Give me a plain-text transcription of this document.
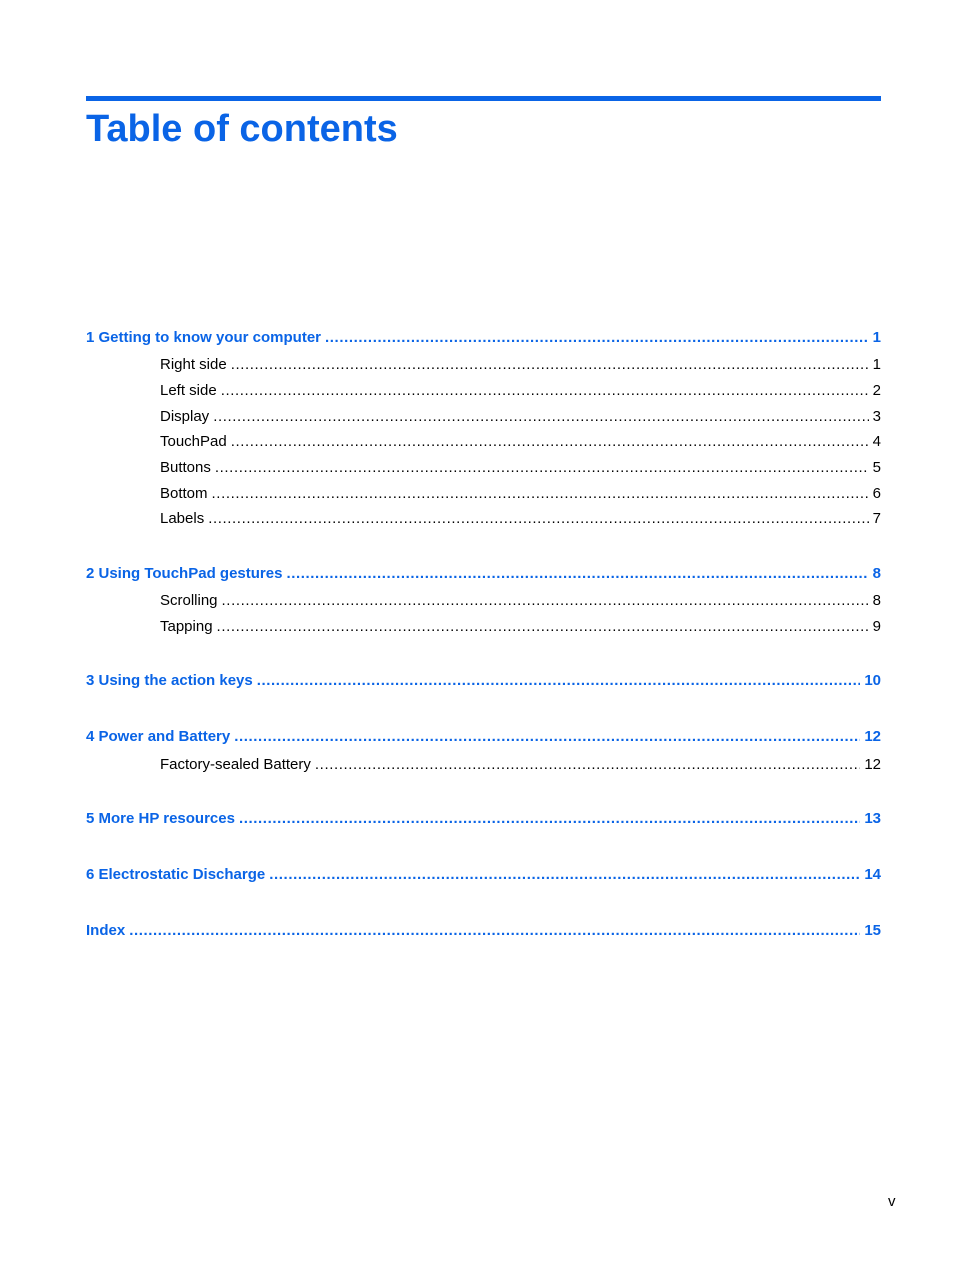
Table of contents
1 Getting to know your computer .....	1
Right side .....	1
Left side .....	2
Display .....	3
TouchPad .....	4
Buttons .....	5
Bottom .....	6
Labels .....	7
2 Using TouchPad gestures .....	8
Scrolling .....	8
Tapping .....	9
3 Using the action keys .....	10
4 Power and Battery .....	12
Factory-sealed Battery .....	12
5 More HP resources .....	13
6 Electrostatic Discharge .....	14
Index .....	15
v
